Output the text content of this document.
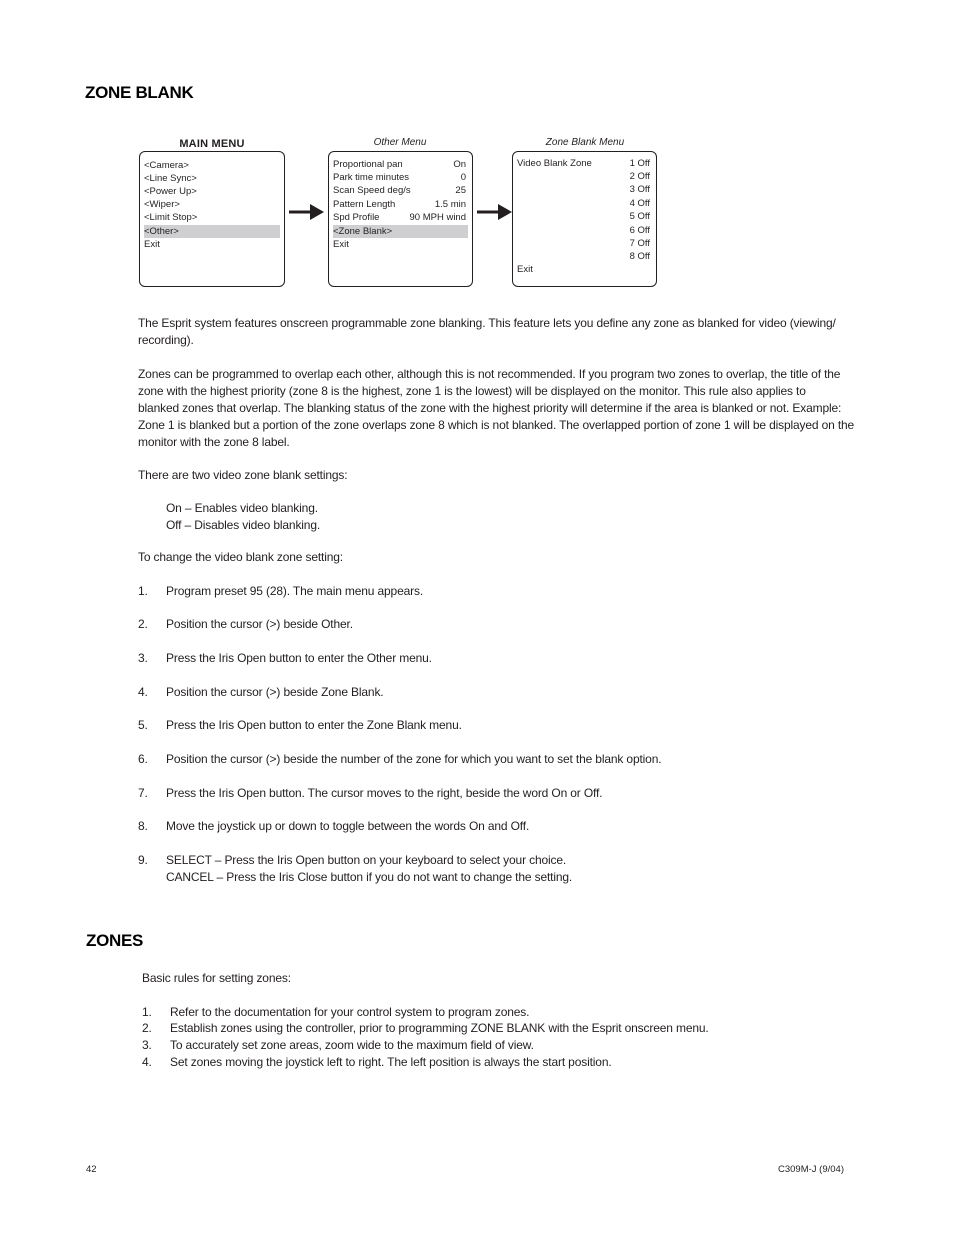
ZONE BLANK
MAIN MENU	Other Menu	Zone Blank Menu
<Camera>
<Line Sync>
<Power Up>
<Wiper>
<Limit Stop>
<Other>
Exit
Proportional pan	On
Park time minutes	0
Scan Speed deg/s	25
Pattern Length	1.5 min
Spd Profile	90 MPH wind
<Zone Blank>
Exit
Video Blank Zone	1 Off
2 Off
3 Off
4 Off
5 Off
6 Off
7 Off
8 Off
Exit
The Esprit system features onscreen programmable zone blanking. This feature lets you define any zone as blanked for video (viewing/
recording).
Zones can be programmed to overlap each other, although this is not recommended. If you program two zones to overlap, the title of the
zone with the highest priority (zone 8 is the highest, zone 1 is the lowest) will be displayed on the monitor. This rule also applies to
blanked zones that overlap. The blanking status of the zone with the highest priority will determine if the area is blanked or not. Example:
Zone 1 is blanked but a portion of the zone overlaps zone 8 which is not blanked. The overlapped portion of zone 1 will be displayed on the
monitor with the zone 8 label.
There are two video zone blank settings:
On – Enables video blanking.
Off – Disables video blanking.
To change the video blank zone setting:
1. Program preset 95 (28). The main menu appears.
2. Position the cursor (>) beside Other.
3. Press the Iris Open button to enter the Other menu.
4. Position the cursor (>) beside Zone Blank.
5. Press the Iris Open button to enter the Zone Blank menu.
6. Position the cursor (>) beside the number of the zone for which you want to set the blank option.
7. Press the Iris Open button. The cursor moves to the right, beside the word On or Off.
8. Move the joystick up or down to toggle between the words On and Off.
9. SELECT – Press the Iris Open button on your keyboard to select your choice.
CANCEL – Press the Iris Close button if you do not want to change the setting.
ZONES
Basic rules for setting zones:
1. Refer to the documentation for your control system to program zones.
2. Establish zones using the controller, prior to programming ZONE BLANK with the Esprit onscreen menu.
3. To accurately set zone areas, zoom wide to the maximum field of view.
4. Set zones moving the joystick left to right. The left position is always the start position.
42	C309M-J (9/04)
